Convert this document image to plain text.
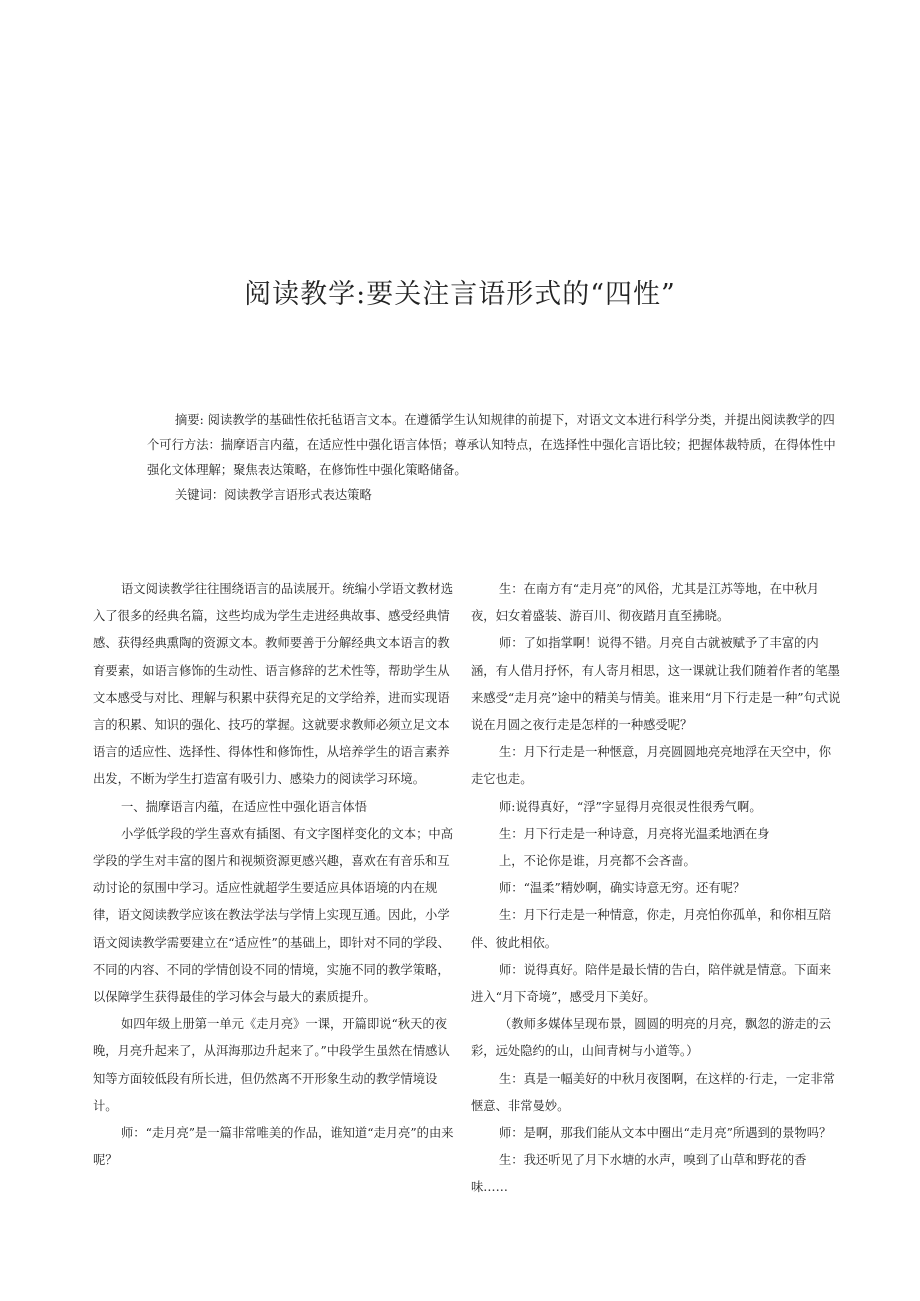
阅读教学:要关注言语形式的“四性”

摘要: 阅读教学的基础性依托毡语言文本。在遵循学生认知规律的前提下，对语文文本进行科学分类，并提出阅读教学的四个可行方法：揣摩语言内蕴，在适应性中强化语言体悟；尊承认知特点，在选择性中强化言语比较；把握体裁特质，在得体性中强化文体理解；聚焦表达策略，在修饰性中强化策略储备。

关键词：阅读教学言语形式表达策略

语文阅读教学往往围绕语言的品读展开。统编小学语文教材选入了很多的经典名篇，这些均成为学生走进经典故事、感受经典情感、获得经典熏陶的资源文本。教师要善于分解经典文本语言的教育要素，如语言修饰的生动性、语言修辞的艺术性等，帮助学生从文本感受与对比、理解与积累中获得充足的文学给养，进而实现语言的积累、知识的强化、技巧的掌握。这就要求教师必须立足文本语言的适应性、选择性、得体性和修饰性，从培养学生的语言素养出发，不断为学生打造富有吸引力、感染力的阅读学习环境。

一、揣摩语言内蕴，在适应性中强化语言体悟

小学低学段的学生喜欢有插图、有文字图样变化的文本；中高学段的学生对丰富的图片和视频资源更感兴趣，喜欢在有音乐和互动讨论的氛围中学习。适应性就超学生要适应具体语境的内在规律，语文阅读教学应该在教法学法与学情上实现互通。因此，小学语文阅读教学需要建立在“适应性”的基础上，即针对不同的学段、不同的内容、不同的学情创设不同的情境，实施不同的教学策略，以保障学生获得最佳的学习体会与最大的素质提升。

如四年级上册第一单元《走月亮》一课，开篇即说“秋天的夜晚，月亮升起来了，从洱海那边升起来了。”中段学生虽然在情感认知等方面较低段有所长进，但仍然离不开形象生动的教学情境设计。

师：“走月亮”是一篇非常唯美的作品，谁知道“走月亮”的由来呢？

生：在南方有“走月亮”的风俗，尤其是江苏等地，在中秋月夜，妇女着盛装、游百川、彻夜踏月直至拂晓。

师：了如指掌啊！说得不错。月亮自古就被赋予了丰富的内涵，有人借月抒怀，有人寄月相思，这一课就让我们随着作者的笔墨来感受“走月亮”途中的精美与情美。谁来用“月下行走是一种”句式说说在月圆之夜行走是怎样的一种感受呢？

生：月下行走是一种惬意，月亮圆圆地亮亮地浮在天空中，你走它也走。

师:说得真好，“浮”字显得月亮很灵性很秀气啊。

生：月下行走是一种诗意，月亮将光温柔地洒在身

上，不论你是谁，月亮都不会吝啬。

师：“温柔”精妙啊，确实诗意无穷。还有呢？

生：月下行走是一种情意，你走，月亮怕你孤单，和你相互陪伴、彼此相依。

师：说得真好。陪伴是最长情的告白，陪伴就是情意。下面来进入“月下奇境”，感受月下美好。

（教师多媒体呈现布景，圆圆的明亮的月亮，飘忽的游走的云彩，远处隐约的山，山间青树与小道等。）

生：真是一幅美好的中秋月夜图啊，在这样的·行走，一定非常惬意、非常曼妙。

师：是啊，那我们能从文本中圈出“走月亮”所遇到的景物吗？

生：我还听见了月下水塘的水声，嗅到了山草和野花的香味……
